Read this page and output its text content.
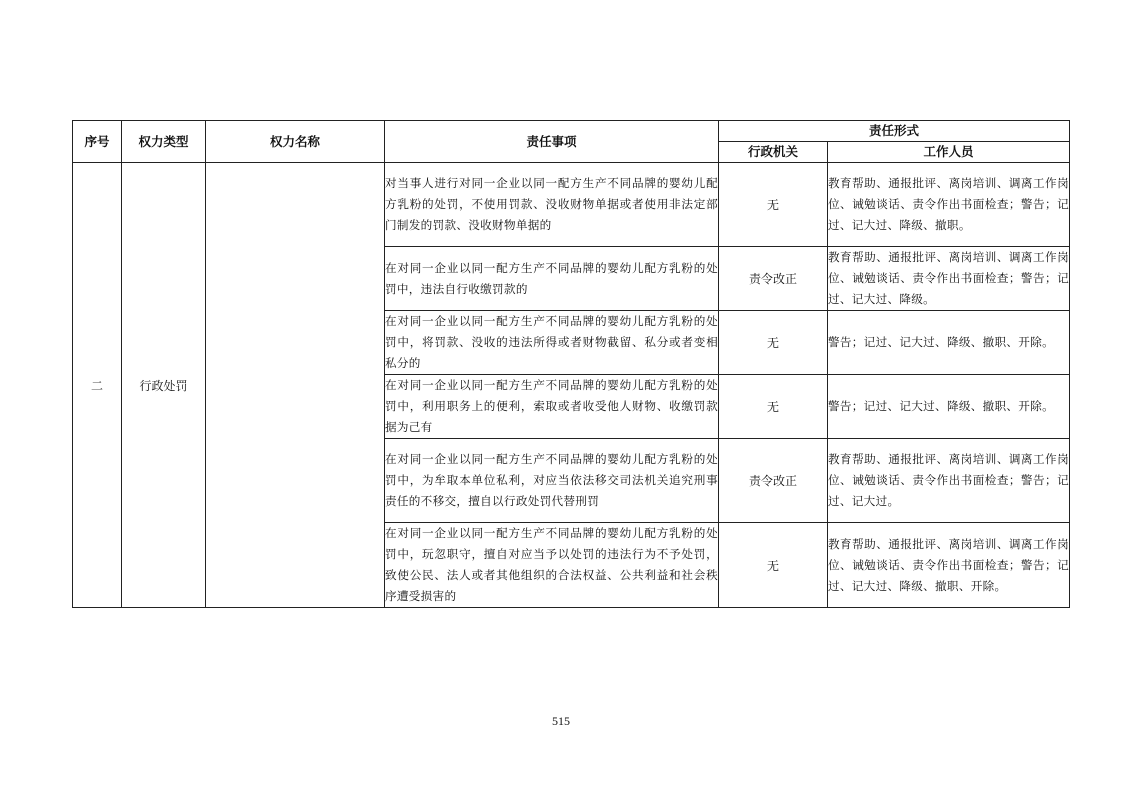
序号	权力类型	权力名称	责任事项	责任形式	
				行政机关	工作人员
二	行政处罚		对当事人进行对同一企业以同一配方生产不同品牌的婴幼儿配方乳粉的处罚，不使用罚款、没收财物单据或者使用非法定部门制发的罚款、没收财物单据的	无	教育帮助、通报批评、离岗培训、调离工作岗位、诫勉谈话、责令作出书面检查；警告；记过、记大过、降级、撤职。
			在对同一企业以同一配方生产不同品牌的婴幼儿配方乳粉的处罚中，违法自行收缴罚款的	责令改正	教育帮助、通报批评、离岗培训、调离工作岗位、诫勉谈话、责令作出书面检查；警告；记过、记大过、降级。
			在对同一企业以同一配方生产不同品牌的婴幼儿配方乳粉的处罚中，将罚款、没收的违法所得或者财物截留、私分或者变相私分的	无	警告；记过、记大过、降级、撤职、开除。
			在对同一企业以同一配方生产不同品牌的婴幼儿配方乳粉的处罚中，利用职务上的便利，索取或者收受他人财物、收缴罚款据为己有	无	警告；记过、记大过、降级、撤职、开除。
			在对同一企业以同一配方生产不同品牌的婴幼儿配方乳粉的处罚中，为牟取本单位私利，对应当依法移交司法机关追究刑事责任的不移交，擅自以行政处罚代替刑罚	责令改正	教育帮助、通报批评、离岗培训、调离工作岗位、诫勉谈话、责令作出书面检查；警告；记过、记大过。
			在对同一企业以同一配方生产不同品牌的婴幼儿配方乳粉的处罚中，玩忽职守，擅自对应当予以处罚的违法行为不予处罚，致使公民、法人或者其他组织的合法权益、公共利益和社会秩序遭受损害的	无	教育帮助、通报批评、离岗培训、调离工作岗位、诫勉谈话、责令作出书面检查；警告；记过、记大过、降级、撤职、开除。
515
